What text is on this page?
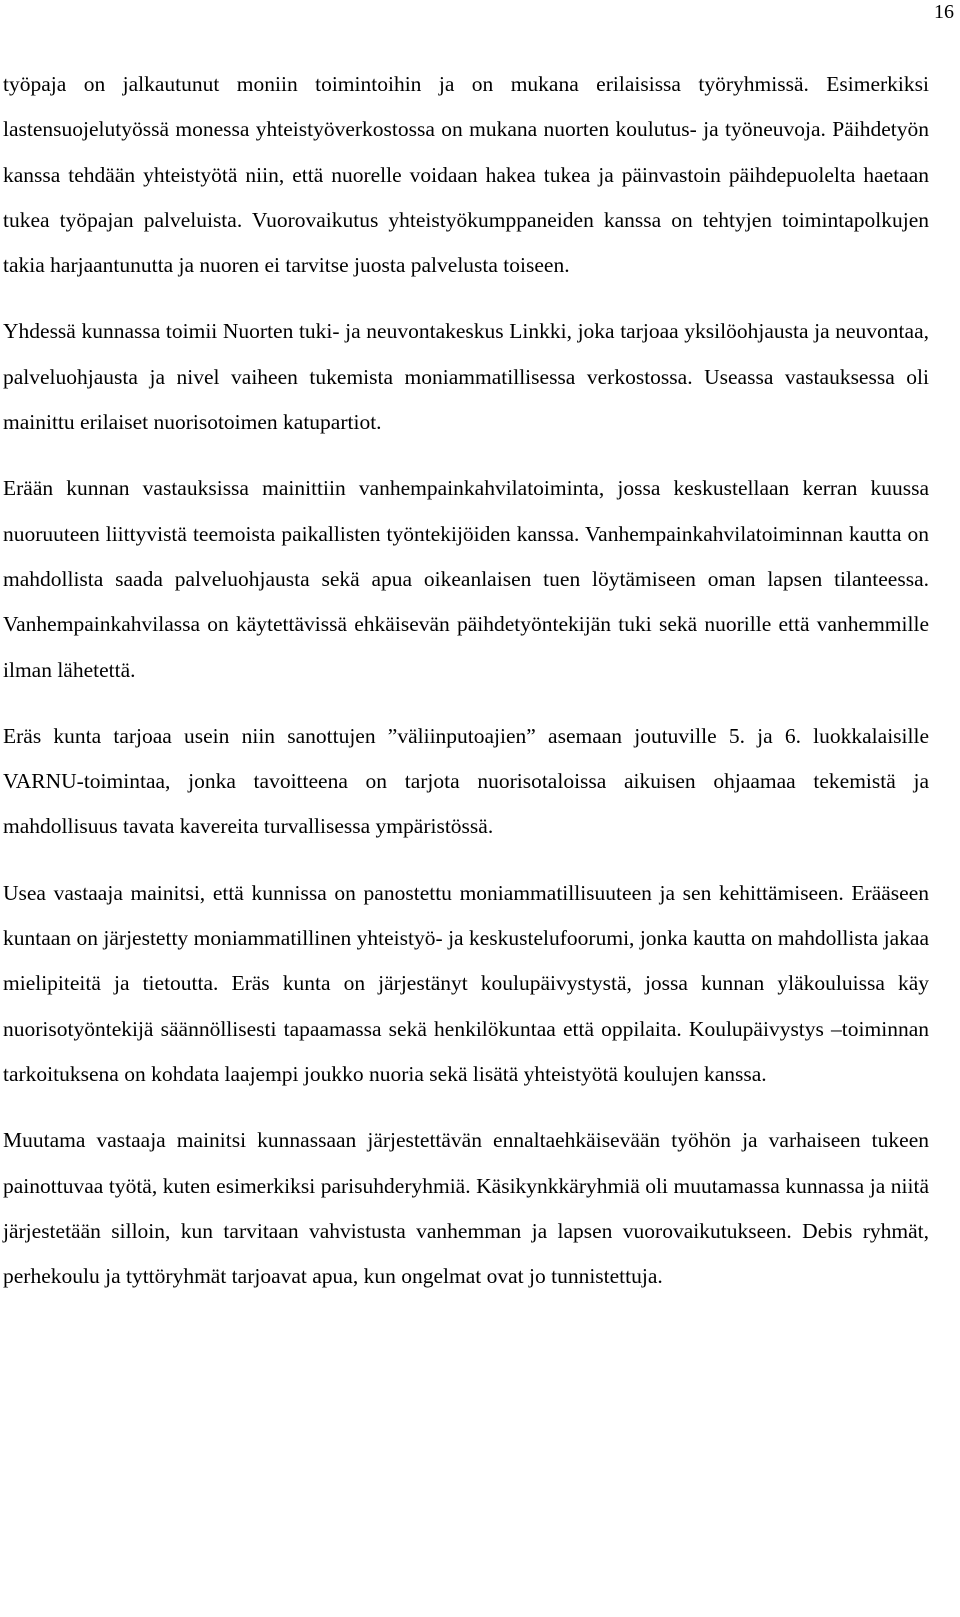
16

työpaja on jalkautunut moniin toimintoihin ja on mukana erilaisissa työryhmissä. Esimerkiksi lastensuojelutyössä monessa yhteistyöverkostossa on mukana nuorten koulutus- ja työneuvoja. Päihdetyön kanssa tehdään yhteistyötä niin, että nuorelle voidaan hakea tukea ja päinvastoin päihdepuolelta haetaan tukea työpajan palveluista. Vuorovaikutus yhteistyökumppaneiden kanssa on tehtyjen toimintapolkujen takia harjaantunutta ja nuoren ei tarvitse juosta palvelusta toiseen.

Yhdessä kunnassa toimii Nuorten tuki- ja neuvontakeskus Linkki, joka tarjoaa yksilöohjausta ja neuvontaa, palveluohjausta ja nivel vaiheen tukemista moniammatillisessa verkostossa. Useassa vastauksessa oli mainittu erilaiset nuorisotoimen katupartiot.

Erään kunnan vastauksissa mainittiin vanhempainkahvilatoiminta, jossa keskustellaan kerran kuussa nuoruuteen liittyvistä teemoista paikallisten työntekijöiden kanssa. Vanhempainkahvilatoiminnan kautta on mahdollista saada palveluohjausta sekä apua oikeanlaisen tuen löytämiseen oman lapsen tilanteessa. Vanhempainkahvilassa on käytettävissä ehkäisevän päihdetyöntekijän tuki sekä nuorille että vanhemmille ilman lähetettä.

Eräs kunta tarjoaa usein niin sanottujen ”väliinputoajien” asemaan joutuville 5. ja 6. luokkalaisille VARNU-toimintaa, jonka tavoitteena on tarjota nuorisotaloissa aikuisen ohjaamaa tekemistä ja mahdollisuus tavata kavereita turvallisessa ympäristössä.

Usea vastaaja mainitsi, että kunnissa on panostettu moniammatillisuuteen ja sen kehittämiseen. Erääseen kuntaan on järjestetty moniammatillinen yhteistyö- ja keskustelufoorumi, jonka kautta on mahdollista jakaa mielipiteitä ja tietoutta. Eräs kunta on järjestänyt koulupäivystystä, jossa kunnan yläkouluissa käy nuorisotyöntekijä säännöllisesti tapaamassa sekä henkilökuntaa että oppilaita. Koulupäivystys –toiminnan tarkoituksena on kohdata laajempi joukko nuoria sekä lisätä yhteistyötä koulujen kanssa.

Muutama vastaaja mainitsi kunnassaan järjestettävän ennaltaehkäisevään työhön ja varhaiseen tukeen painottuvaa työtä, kuten esimerkiksi parisuhderyhmiä. Käsikynkkäryhmiä oli muutamassa kunnassa ja niitä järjestetään silloin, kun tarvitaan vahvistusta vanhemman ja lapsen vuorovaikutukseen. Debis ryhmät, perhekoulu ja tyttöryhmät tarjoavat apua, kun ongelmat ovat jo tunnistettuja.
